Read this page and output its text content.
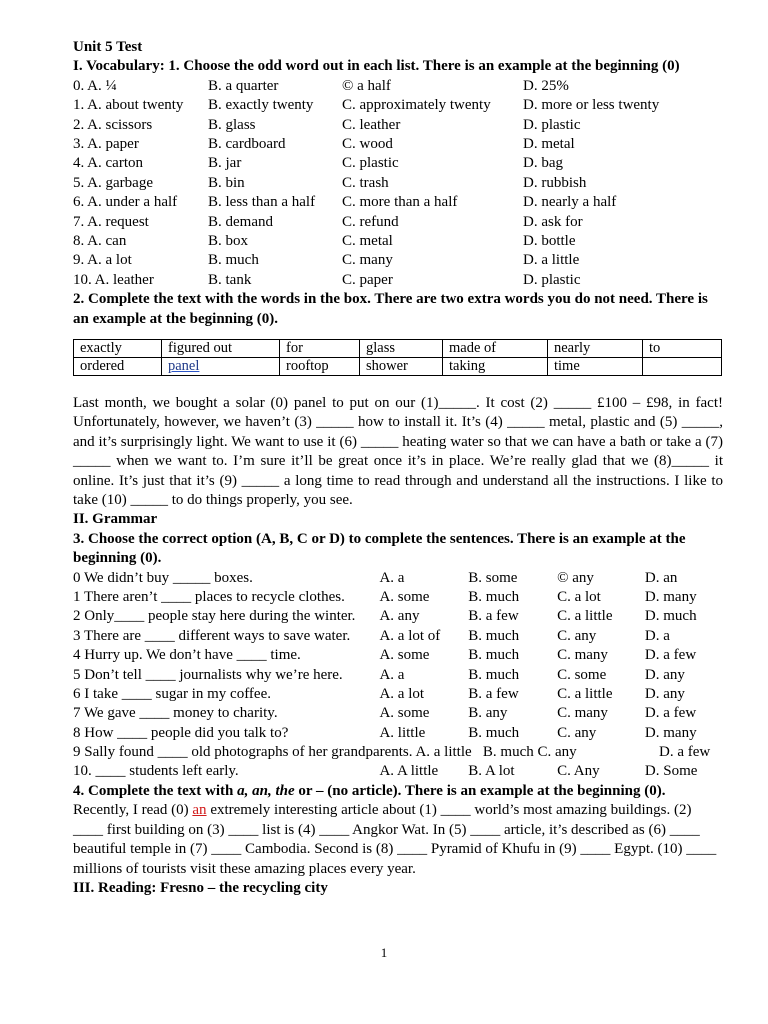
Unit 5 Test
I. Vocabulary: 1. Choose the odd word out in each list. There is an example at the beginning (0)
0. A. ¼	B. a quarter	© a half	D. 25%
1. A. about twenty	B. exactly twenty	C. approximately twenty	D. more or less twenty
2. A. scissors	B. glass	C. leather	D. plastic
3. A. paper	B. cardboard	C. wood	D. metal
4. A. carton	B. jar	C. plastic	D. bag
5. A. garbage	B. bin	C. trash	D. rubbish
6. A. under a half	B. less than a half	C. more than a half	D. nearly a half
7. A. request	B. demand	C. refund	D. ask for
8. A. can	B. box	C. metal	D. bottle
9. A. a lot	B. much	C. many	D. a little
10. A. leather	B. tank	C. paper	D. plastic
2. Complete the text with the words in the box. There are two extra words you do not need. There is an example at the beginning (0).
exactly	figured out	for	glass	made of	nearly	to
ordered	panel	rooftop	shower	taking	time	
Last month, we bought a solar (0) panel to put on our (1)_____. It cost (2) _____ £100 – £98, in fact! Unfortunately, however, we haven’t (3) _____ how to install it. It’s (4) _____ metal, plastic and (5) _____, and it’s surprisingly light. We want to use it (6) _____ heating water so that we can have a bath or take a (7) _____ when we want to. I’m sure it’ll be great once it’s in place. We’re really glad that we (8)_____ it online. It’s just that it’s (9) _____ a long time to read through and understand all the instructions. I like to take (10) _____ to do things properly, you see.
II. Grammar
3. Choose the correct option (A, B, C or D) to complete the sentences. There is an example at the beginning (0).
0 We didn’t buy _____ boxes.	A. a	B. some	© any	D. an
1 There aren’t ____ places to recycle clothes.	A. some	B. much	C. a lot	D. many
2 Only____ people stay here during the winter.	A. any	B. a few	C. a little	D. much
3 There are ____ different ways to save water.	A. a lot of	B. much	C. any	D. a
4 Hurry up. We don’t have ____ time.	A. some	B. much	C. many	D. a few
5 Don’t tell ____ journalists why we’re here.	A. a	B. much	C. some	D. any
6 I take ____ sugar in my coffee.	A. a lot	B. a few	C. a little	D. any
7 We gave ____ money to charity.	A. some	B. any	C. many	D. a few
8 How ____ people did you talk to?	A. little	B. much	C. any	D. many
9 Sally found ____ old photographs of her grandparents. A. a little   B. much C. any	D. a few
10. ____ students left early.	A. A little	B. A lot	C. Any	D. Some
4. Complete the text with a, an, the or – (no article). There is an example at the beginning (0).
Recently, I read (0) an extremely interesting article about (1) ____ world’s most amazing buildings. (2) ____ first building on (3) ____ list is (4) ____ Angkor Wat. In (5) ____ article, it’s described as (6) ____ beautiful temple in (7) ____ Cambodia. Second is (8) ____ Pyramid of Khufu in (9) ____ Egypt. (10) ____ millions of tourists visit these amazing places every year.
III. Reading: Fresno – the recycling city
1
